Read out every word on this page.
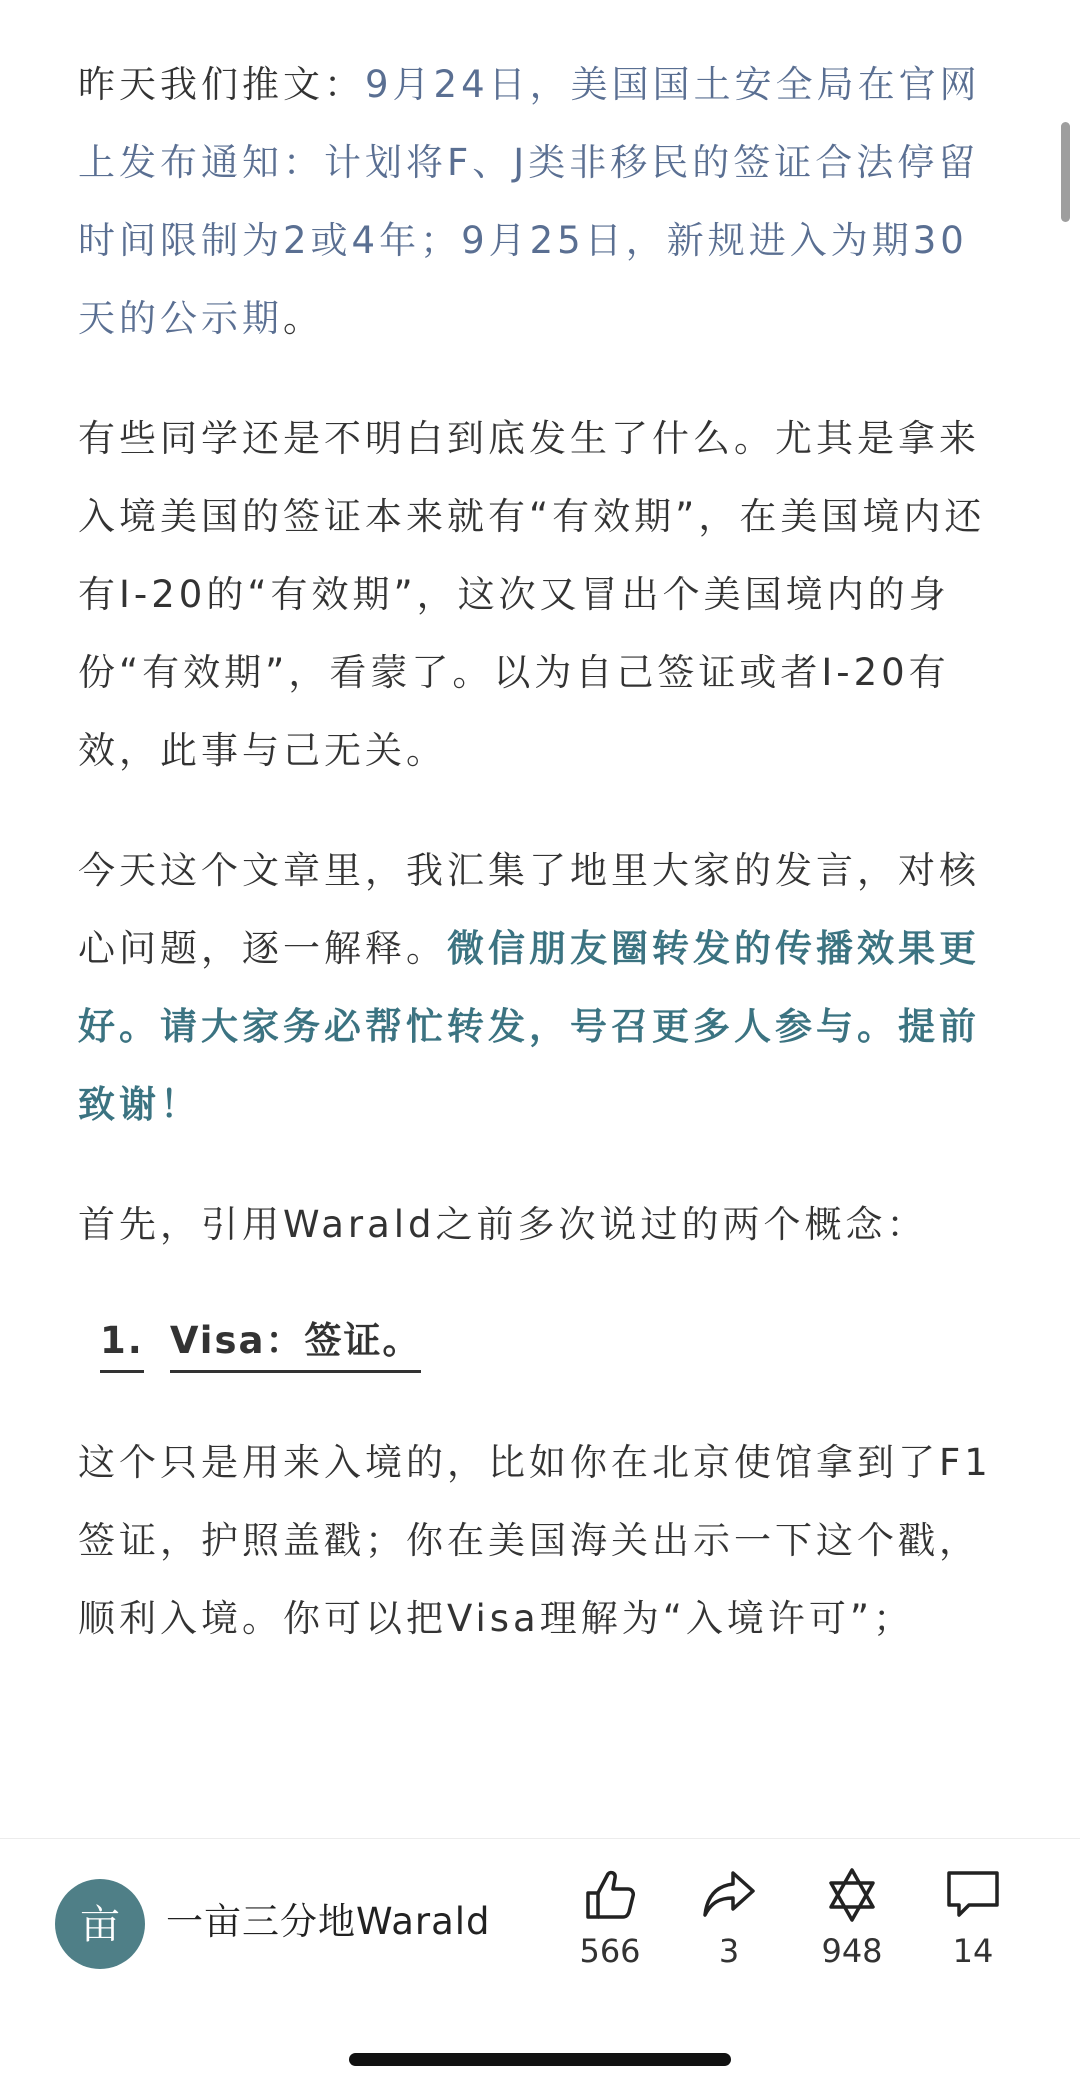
昨天我们推文：9月24日，美国国土安全局在官网上发布通知：计划将F、J类非移民的签证合法停留时间限制为2或4年；9月25日，新规进入为期30天的公示期。

有些同学还是不明白到底发生了什么。尤其是拿来入境美国的签证本来就有“有效期”，在美国境内还有I-20的“有效期”，这次又冒出个美国境内的身份“有效期”，看蒙了。以为自己签证或者I-20有效，此事与己无关。

今天这个文章里，我汇集了地里大家的发言，对核心问题，逐一解释。微信朋友圈转发的传播效果更好。请大家务必帮忙转发，号召更多人参与。提前致谢！

首先，引用Warald之前多次说过的两个概念：

1. Visa：签证。

这个只是用来入境的，比如你在北京使馆拿到了F1签证，护照盖戳；你在美国海关出示一下这个戳，顺利入境。你可以把Visa理解为“入境许可”；

亩 一亩三分地Warald
566	3	948	14
